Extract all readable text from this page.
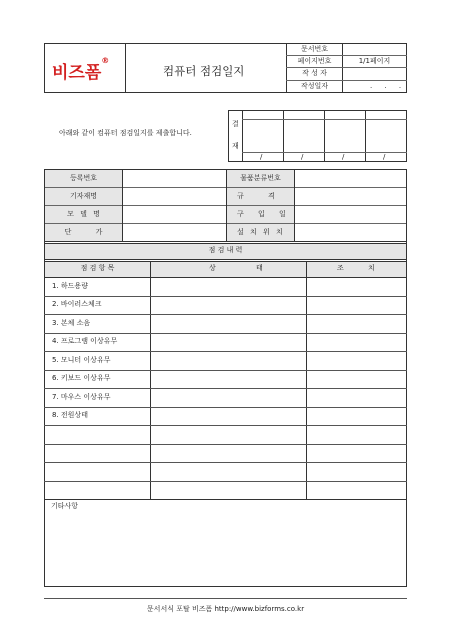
비즈폼®
컴퓨터 점검일지
문서번호
페이지번호	1/1페이지
작 성 자
작성일자	. . .
아래와 같이 컴퓨터 점검일지를 제출합니다.
결
재
/	/	/	/
등록번호	물품분류번호
기자재명	규 격
모 델 명	구 입 일
단 가	설 치 위 치
점 검 내 력
점 검 항 목	상 태	조 치
1. 하드용량
2. 바이러스체크
3. 본체 소음
4. 프로그램 이상유무
5. 모니터 이상유무
6. 키보드 이상유무
7. 마우스 이상유무
8. 전원상태
기타사항
문서서식 포탈 비즈폼 http://www.bizforms.co.kr
